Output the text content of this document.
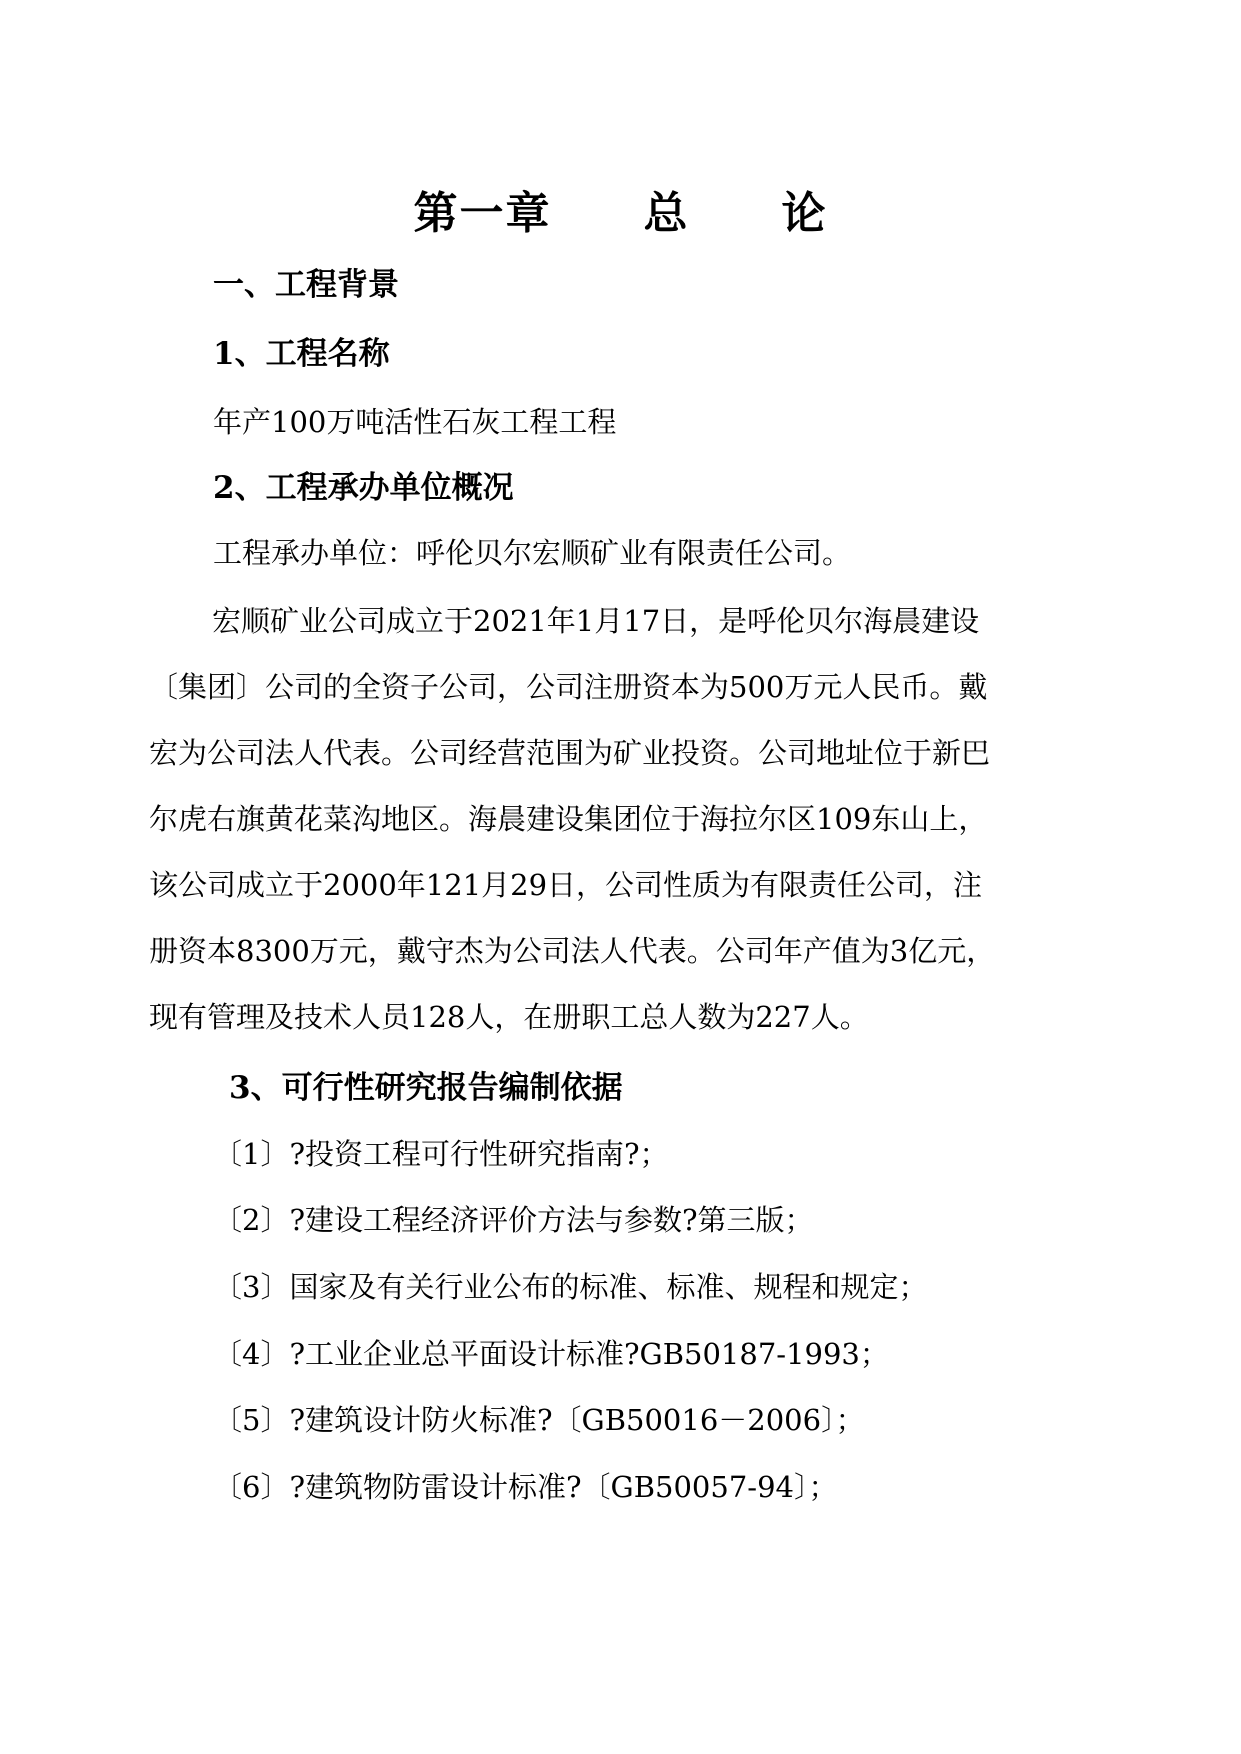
第一章　　总　　论
一、工程背景
1、工程名称
年产100万吨活性石灰工程工程
2、工程承办单位概况
工程承办单位：呼伦贝尔宏顺矿业有限责任公司。
宏顺矿业公司成立于2021年1月17日，是呼伦贝尔海晨建设
〔集团〕公司的全资子公司，公司注册资本为500万元人民币。戴
宏为公司法人代表。公司经营范围为矿业投资。公司地址位于新巴
尔虎右旗黄花菜沟地区。海晨建设集团位于海拉尔区109东山上，
该公司成立于2000年121月29日，公司性质为有限责任公司，注
册资本8300万元，戴守杰为公司法人代表。公司年产值为3亿元，
现有管理及技术人员128人，在册职工总人数为227人。
3、可行性研究报告编制依据
〔1〕?投资工程可行性研究指南?；
〔2〕?建设工程经济评价方法与参数?第三版；
〔3〕国家及有关行业公布的标准、标准、规程和规定；
〔4〕?工业企业总平面设计标准?GB50187-1993；
〔5〕?建筑设计防火标准?〔GB50016－2006〕；
〔6〕?建筑物防雷设计标准?〔GB50057-94〕；
